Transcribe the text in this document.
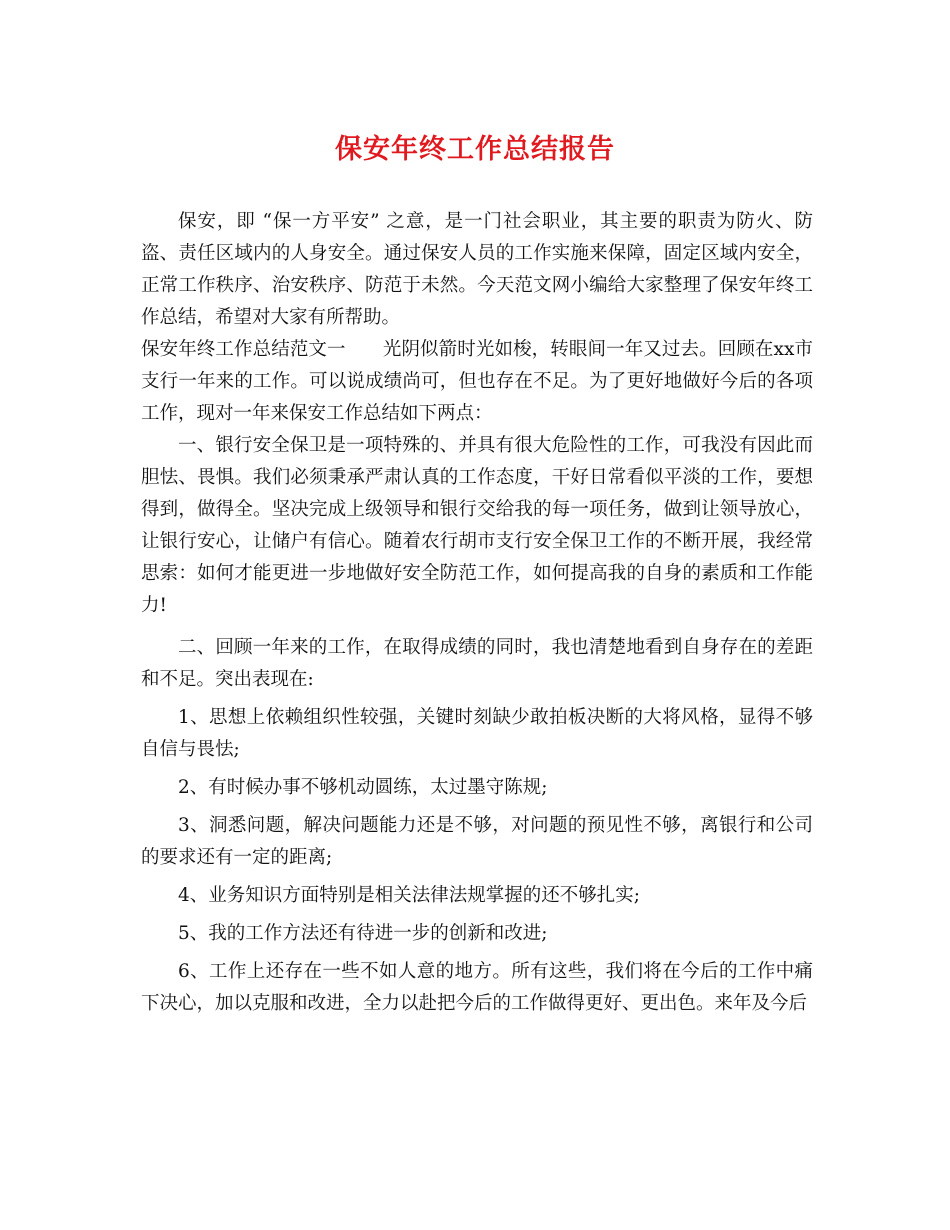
保安年终工作总结报告

保安，即 “保一方平安” 之意，是一门社会职业，其主要的职责为防火、防盗、责任区域内的人身安全。通过保安人员的工作实施来保障，固定区域内安全，正常工作秩序、治安秩序、防范于未然。今天范文网小编给大家整理了保安年终工作总结，希望对大家有所帮助。

保安年终工作总结范文一　　光阴似箭时光如梭，转眼间一年又过去。回顾在xx市支行一年来的工作。可以说成绩尚可，但也存在不足。为了更好地做好今后的各项工作，现对一年来保安工作总结如下两点：

一、银行安全保卫是一项特殊的、并具有很大危险性的工作，可我没有因此而胆怯、畏惧。我们必须秉承严肃认真的工作态度，干好日常看似平淡的工作，要想得到，做得全。坚决完成上级领导和银行交给我的每一项任务，做到让领导放心，让银行安心，让储户有信心。随着农行胡市支行安全保卫工作的不断开展，我经常思索：如何才能更进一步地做好安全防范工作，如何提高我的自身的素质和工作能力!

二、回顾一年来的工作，在取得成绩的同时，我也清楚地看到自身存在的差距和不足。突出表现在:

1、思想上依赖组织性较强，关键时刻缺少敢拍板决断的大将风格，显得不够自信与畏怯;

2、有时候办事不够机动圆练，太过墨守陈规;

3、洞悉问题，解决问题能力还是不够，对问题的预见性不够，离银行和公司的要求还有一定的距离;

4、业务知识方面特别是相关法律法规掌握的还不够扎实;

5、我的工作方法还有待进一步的创新和改进;

6、工作上还存在一些不如人意的地方。所有这些，我们将在今后的工作中痛下决心，加以克服和改进，全力以赴把今后的工作做得更好、更出色。来年及今后
